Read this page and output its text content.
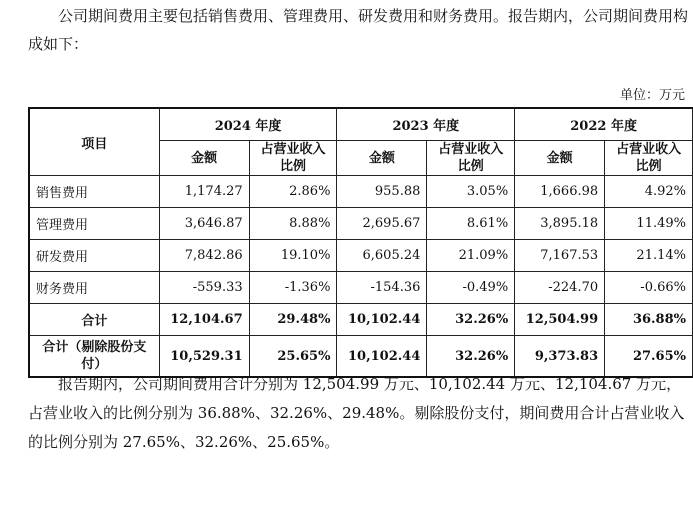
公司期间费用主要包括销售费用、管理费用、研发费用和财务费用。报告期内，公司期间费用构成如下：

单位：万元
项目	2024 年度		2023 年度		2022 年度	
	金额	占营业收入比例	金额	占营业收入比例	金额	占营业收入比例
销售费用	1,174.27	2.86%	955.88	3.05%	1,666.98	4.92%
管理费用	3,646.87	8.88%	2,695.67	8.61%	3,895.18	11.49%
研发费用	7,842.86	19.10%	6,605.24	21.09%	7,167.53	21.14%
财务费用	-559.33	-1.36%	-154.36	-0.49%	-224.70	-0.66%
合计	12,104.67	29.48%	10,102.44	32.26%	12,504.99	36.88%
合计（剔除股份支付）	10,529.31	25.65%	10,102.44	32.26%	9,373.83	27.65%

报告期内，公司期间费用合计分别为 12,504.99 万元、10,102.44 万元、12,104.67 万元，占营业收入的比例分别为 36.88%、32.26%、29.48%。剔除股份支付，期间费用合计占营业收入的比例分别为 27.65%、32.26%、25.65%。
